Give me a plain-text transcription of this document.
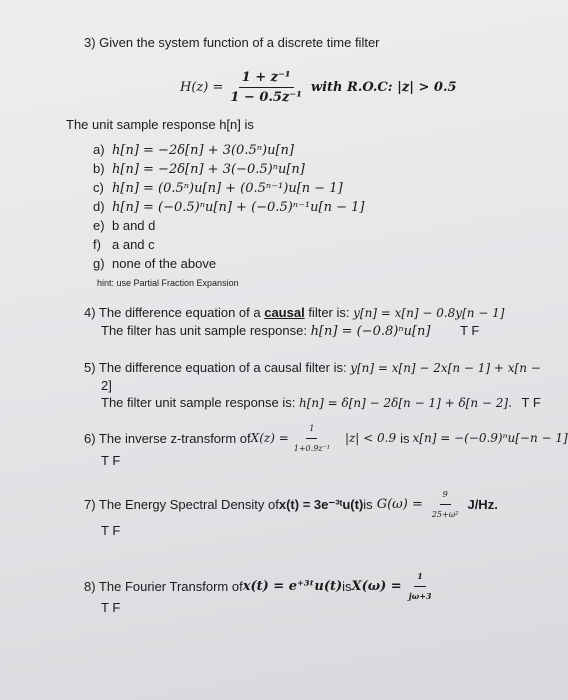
3) Given the system function of a discrete time filter
$H(z) = \frac{\text{1 + z⁻¹}}{\text{1 − 0.5z⁻¹}}$ with R.O.C: |z| > 0.5
The unit sample response h[n] is
a) h[n] = −2δ[n] + 3(0.5ⁿ)u[n]
b) h[n] = −2δ[n] + 3(−0.5)ⁿu[n]
c) h[n] = (0.5ⁿ)u[n] + (0.5ⁿ⁻¹)u[n − 1]
d) h[n] = (−0.5)ⁿu[n] + (−0.5)ⁿ⁻¹u[n − 1]
e) b and d
f) a and c
g) none of the above
hint: use Partial Fraction Expansion
4) The difference equation of a causal filter is: y[n] = x[n] − 0.8y[n − 1]
The filter has unit sample response: h[n] = (−0.8)ⁿu[n] T F
5) The difference equation of a causal filter is: y[n] = x[n] − 2x[n − 1] + x[n −
2]
The filter unit sample response is: h[n] = δ[n] − 2δ[n − 1] + δ[n − 2]. T F
6) The inverse z-transform of $X(z) = \frac{1}{\text{1+0.9z⁻¹}} |z| < 0.9$ is x[n] = −(−0.9)ⁿu[−n − 1]
T F
7) The Energy Spectral Density of x(t) = 3e⁻³ᵗu(t) is $G(\omega) = \frac{9}{\text{25+ω²}} J/Hz$.
T F
8) The Fourier Transform of x(t) = e⁺³ᵗu(t) is $X(\omega) = \frac{1}{j\omega+3}$
T F
